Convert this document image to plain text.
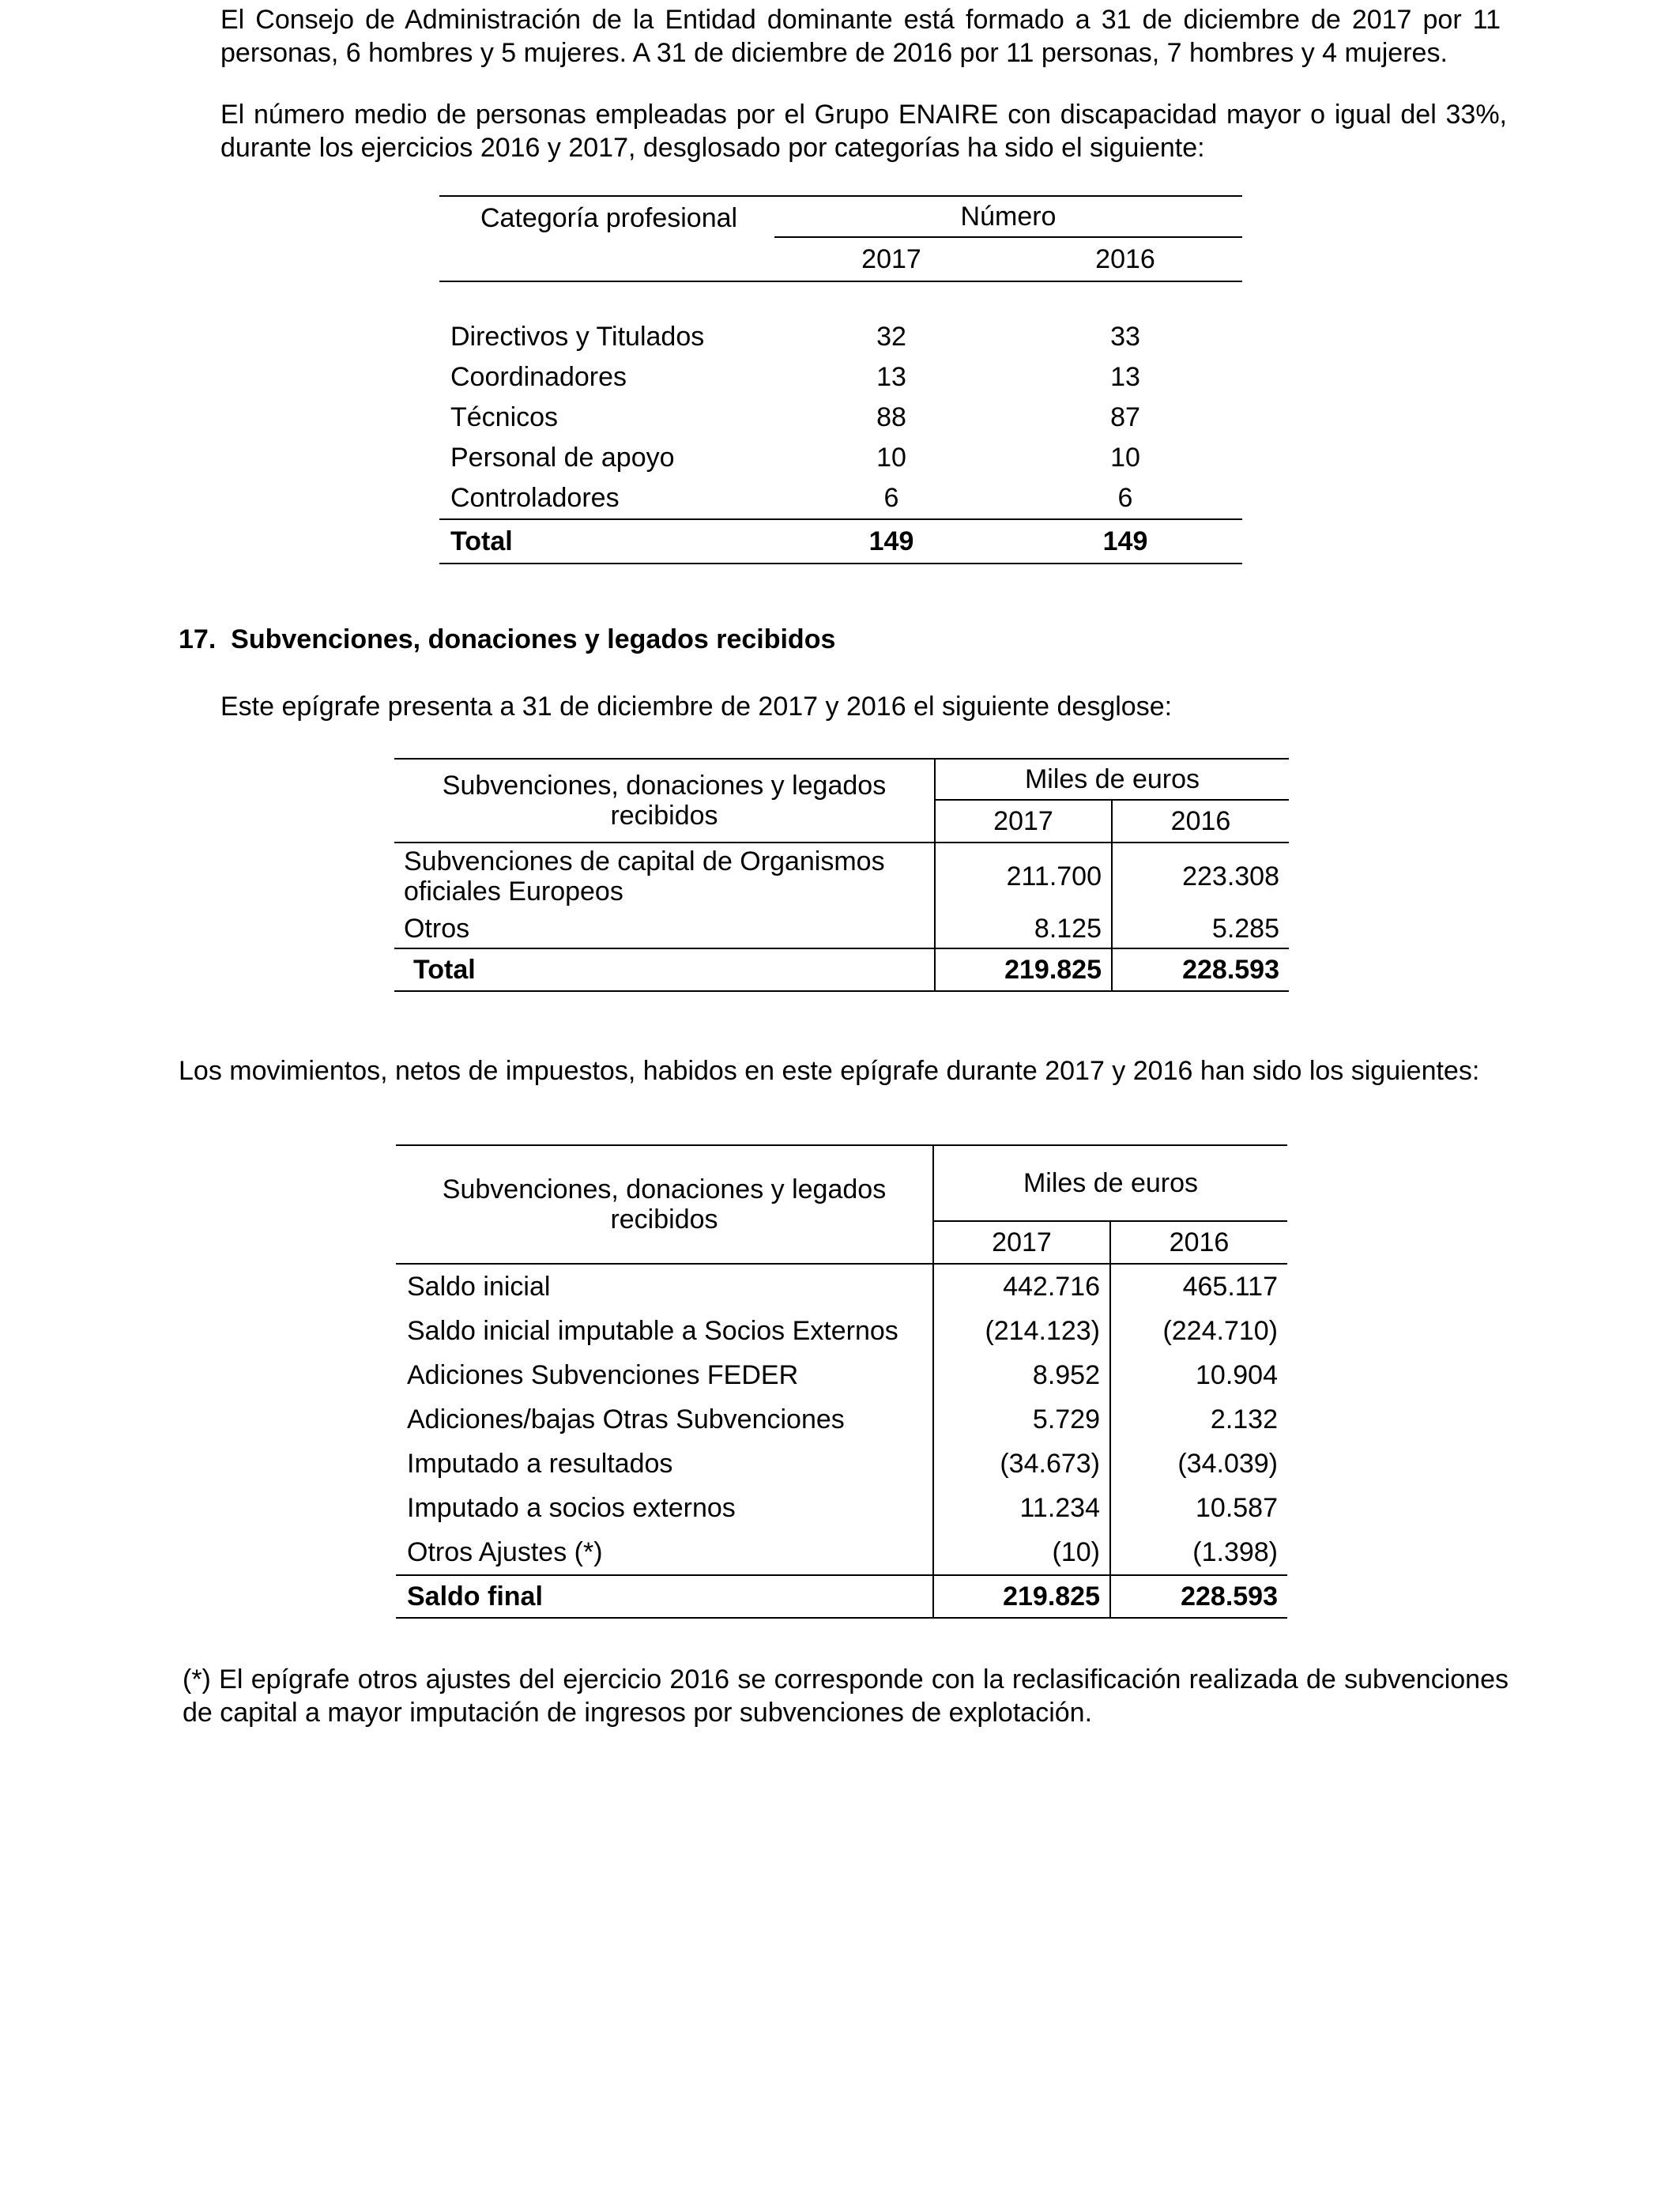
El Consejo de Administración de la Entidad dominante está formado a 31 de diciembre de 2017 por 11
personas, 6 hombres y 5 mujeres. A 31 de diciembre de 2016 por 11 personas, 7 hombres y 4 mujeres.

El número medio de personas empleadas por el Grupo ENAIRE con discapacidad mayor o igual del 33%,
durante los ejercicios 2016 y 2017, desglosado por categorías ha sido el siguiente:

Categoría profesional	Número	
	2017	2016

Directivos y Titulados	32	33
Coordinadores	13	13
Técnicos	88	87
Personal de apoyo	10	10
Controladores	6	6
Total	149	149
17.  Subvenciones, donaciones y legados recibidos
Este epígrafe presenta a 31 de diciembre de 2017 y 2016 el siguiente desglose:
Subvenciones, donaciones y legados
recibidos	Miles de euros	
	2017	2016
Subvenciones de capital de Organismos
oficiales Europeos	211.700	223.308
Otros	8.125	5.285
Total	219.825	228.593
Los movimientos, netos de impuestos, habidos en este epígrafe durante 2017 y 2016 han sido los siguientes:
Subvenciones, donaciones y legados
recibidos	Miles de euros	
	2017	2016
Saldo inicial	442.716	465.117
Saldo inicial imputable a Socios Externos	(214.123)	(224.710)
Adiciones Subvenciones FEDER	8.952	10.904
Adiciones/bajas Otras Subvenciones	5.729	2.132
Imputado a resultados	(34.673)	(34.039)
Imputado a socios externos	11.234	10.587
Otros Ajustes (*)	(10)	(1.398)
Saldo final	219.825	228.593

(*) El epígrafe otros ajustes del ejercicio 2016 se corresponde con la reclasificación realizada de subvenciones
de capital a mayor imputación de ingresos por subvenciones de explotación.
